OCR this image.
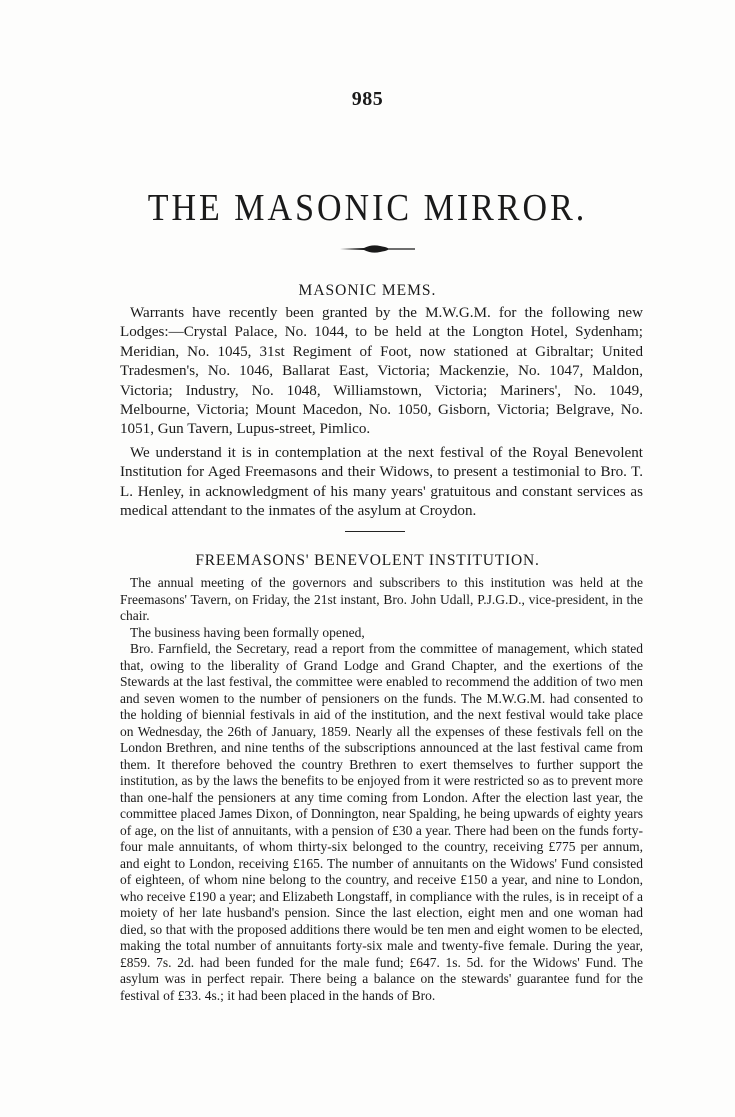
985
THE MASONIC MIRROR.
MASONIC MEMS.

Warrants have recently been granted by the M.W.G.M. for the following new Lodges:—Crystal Palace, No. 1044, to be held at the Longton Hotel, Sydenham; Meridian, No. 1045, 31st Regiment of Foot, now stationed at Gibraltar; United Tradesmen's, No. 1046, Ballarat East, Victoria; Mackenzie, No. 1047, Maldon, Victoria; Industry, No. 1048, Williamstown, Victoria; Mariners', No. 1049, Melbourne, Victoria; Mount Macedon, No. 1050, Gisborn, Victoria; Belgrave, No. 1051, Gun Tavern, Lupus-street, Pimlico.

We understand it is in contemplation at the next festival of the Royal Benevolent Institution for Aged Freemasons and their Widows, to present a testimonial to Bro. T. L. Henley, in acknowledgment of his many years' gratuitous and constant services as medical attendant to the inmates of the asylum at Croydon.

FREEMASONS' BENEVOLENT INSTITUTION.

The annual meeting of the governors and subscribers to this institution was held at the Freemasons' Tavern, on Friday, the 21st instant, Bro. John Udall, P.J.G.D., vice-president, in the chair.

The business having been formally opened,

Bro. Farnfield, the Secretary, read a report from the committee of management, which stated that, owing to the liberality of Grand Lodge and Grand Chapter, and the exertions of the Stewards at the last festival, the committee were enabled to recommend the addition of two men and seven women to the number of pensioners on the funds. The M.W.G.M. had consented to the holding of biennial festivals in aid of the institution, and the next festival would take place on Wednesday, the 26th of January, 1859. Nearly all the expenses of these festivals fell on the London Brethren, and nine tenths of the subscriptions announced at the last festival came from them. It therefore behoved the country Brethren to exert themselves to further support the institution, as by the laws the benefits to be enjoyed from it were restricted so as to prevent more than one-half the pensioners at any time coming from London. After the election last year, the committee placed James Dixon, of Donnington, near Spalding, he being upwards of eighty years of age, on the list of annuitants, with a pension of £30 a year. There had been on the funds forty-four male annuitants, of whom thirty-six belonged to the country, receiving £775 per annum, and eight to London, receiving £165. The number of annuitants on the Widows' Fund consisted of eighteen, of whom nine belong to the country, and receive £150 a year, and nine to London, who receive £190 a year; and Elizabeth Longstaff, in compliance with the rules, is in receipt of a moiety of her late husband's pension. Since the last election, eight men and one woman had died, so that with the proposed additions there would be ten men and eight women to be elected, making the total number of annuitants forty-six male and twenty-five female. During the year, £859. 7s. 2d. had been funded for the male fund; £647. 1s. 5d. for the Widows' Fund. The asylum was in perfect repair. There being a balance on the stewards' guarantee fund for the festival of £33. 4s.; it had been placed in the hands of Bro.
